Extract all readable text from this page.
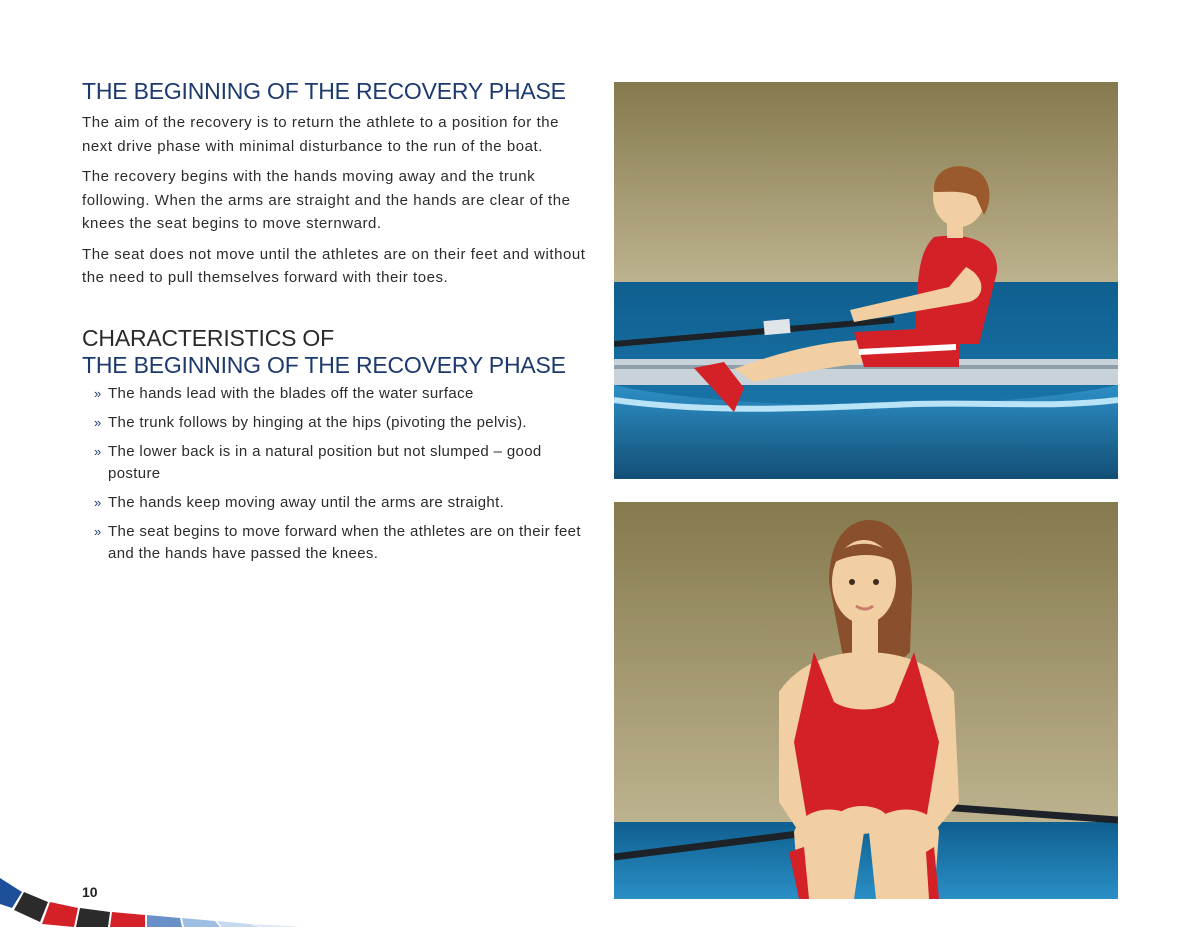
THE BEGINNING OF THE RECOVERY PHASE

The aim of the recovery is to return the athlete to a position for the next drive phase with minimal disturbance to the run of the boat.

The recovery begins with the hands moving away and the trunk following. When the arms are straight and the hands are clear of the knees the seat begins to move sternward.

The seat does not move until the athletes are on their feet and without the need to pull themselves forward with their toes.

CHARACTERISTICS OF
THE BEGINNING OF THE RECOVERY PHASE
» The hands lead with the blades off the water surface
» The trunk follows by hinging at the hips (pivoting the pelvis).
» The lower back is in a natural position but not slumped – good posture
» The hands keep moving away until the arms are straight.
» The seat begins to move forward when the athletes are on their feet and the hands have passed the knees.
10
